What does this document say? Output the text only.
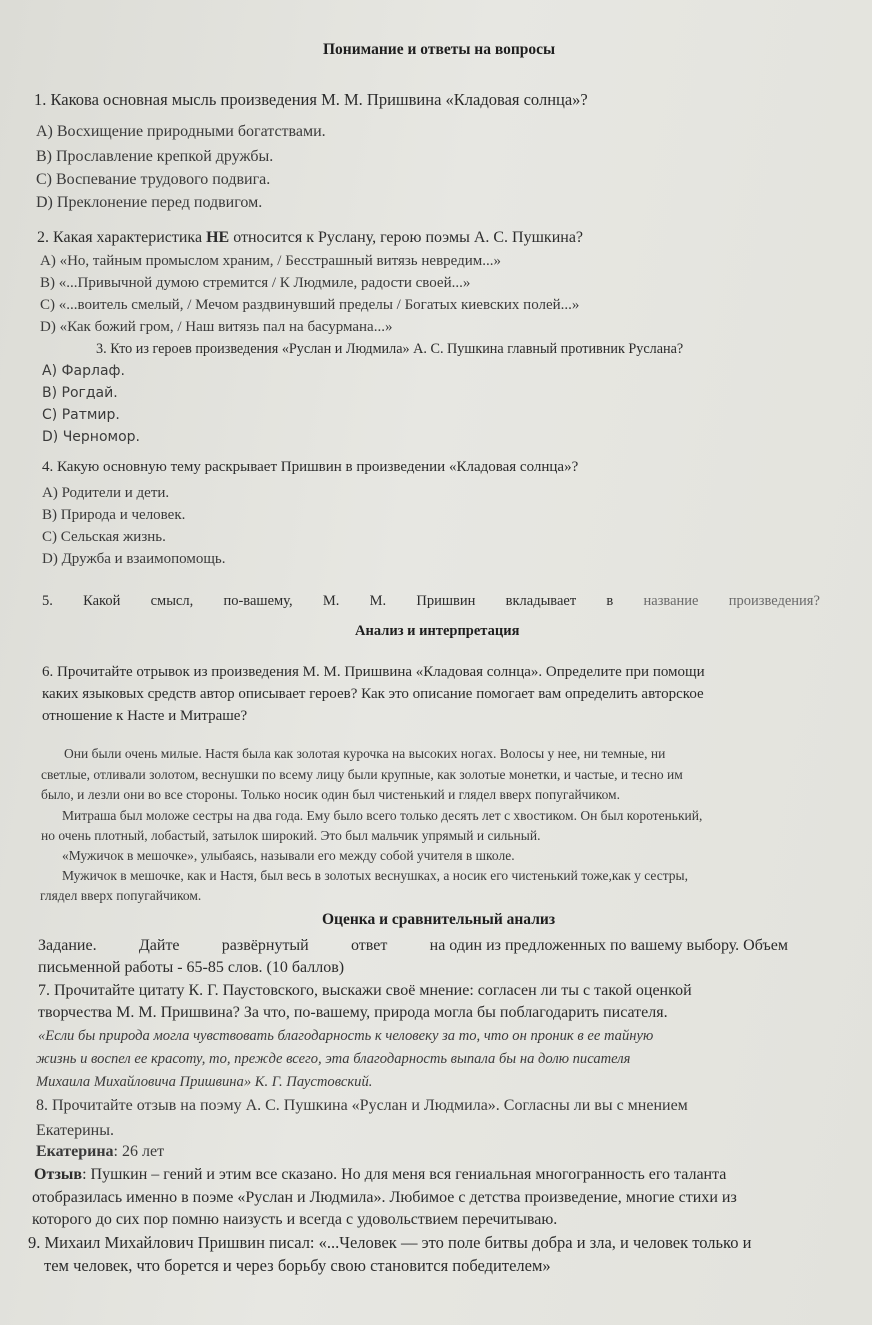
Понимание и ответы на вопросы
1. Какова основная мысль произведения М. М. Пришвина «Кладовая солнца»?
A) Восхищение природными богатствами.
B) Прославление крепкой дружбы.
C) Воспевание трудового подвига.
D) Преклонение перед подвигом.
2. Какая характеристика НЕ относится к Руслану, герою поэмы А. С. Пушкина?
A) «Но, тайным промыслом храним, / Бесстрашный витязь невредим...»
B) «...Привычной думою стремится / К Людмиле, радости своей...»
C) «...воитель смелый, / Мечом раздвинувший пределы / Богатых киевских полей...»
D) «Как божий гром, / Наш витязь пал на басурмана...»
3. Кто из героев произведения «Руслан и Людмила» А. С. Пушкина главный противник Руслана?
A) Фарлаф.
B) Рогдай.
C) Ратмир.
D) Черномор.
4. Какую основную тему раскрывает Пришвин в произведении «Кладовая солнца»?
A) Родители и дети.
B) Природа и человек.
C) Сельская жизнь.
D) Дружба и взаимопомощь.
5. Какой смысл, по-вашему, М. М. Пришвин вкладывает в название произведения?
Анализ и интерпретация
6. Прочитайте отрывок из произведения М. М. Пришвина «Кладовая солнца». Определите при помощи
каких языковых средств автор описывает героев? Как это описание помогает вам определить авторское
отношение к Насте и Митраше?
Они были очень милые. Настя была как золотая курочка на высоких ногах. Волосы у нее, ни темные, ни
светлые, отливали золотом, веснушки по всему лицу были крупные, как золотые монетки, и частые, и тесно им
было, и лезли они во все стороны. Только носик один был чистенький и глядел вверх попугайчиком.
Митраша был моложе сестры на два года. Ему было всего только десять лет с хвостиком. Он был коротенький,
но очень плотный, лобастый, затылок широкий. Это был мальчик упрямый и сильный.
«Мужичок в мешочке», улыбаясь, называли его между собой учителя в школе.
Мужичок в мешочке, как и Настя, был весь в золотых веснушках, а носик его чистенький тоже,как у сестры,
глядел вверх попугайчиком.
Оценка и сравнительный анализ
Задание.	Дайте	развёрнутый	ответ	на один из предложенных по вашему выбору. Объем
письменной работы - 65-85 слов. (10 баллов)
7. Прочитайте цитату К. Г. Паустовского, выскажи своё мнение: согласен ли ты с такой оценкой
творчества М. М. Пришвина? За что, по-вашему, природа могла бы поблагодарить писателя.
«Если бы природа могла чувствовать благодарность к человеку за то, что он проник в ее тайную
жизнь и воспел ее красоту, то, прежде всего, эта благодарность выпала бы на долю писателя
Михаила Михайловича Пришвина» К. Г. Паустовский.
8. Прочитайте отзыв на поэму А. С. Пушкина «Руслан и Людмила». Согласны ли вы с мнением
Екатерины.
Екатерина: 26 лет
Отзыв: Пушкин – гений и этим все сказано. Но для меня вся гениальная многогранность его таланта
отобразилась именно в поэме «Руслан и Людмила». Любимое с детства произведение, многие стихи из
которого до сих пор помню наизусть и всегда с удовольствием перечитываю.
9. Михаил Михайлович Пришвин писал: «...Человек — это поле битвы добра и зла, и человек только и
тем человек, что борется и через борьбу свою становится победителем»
